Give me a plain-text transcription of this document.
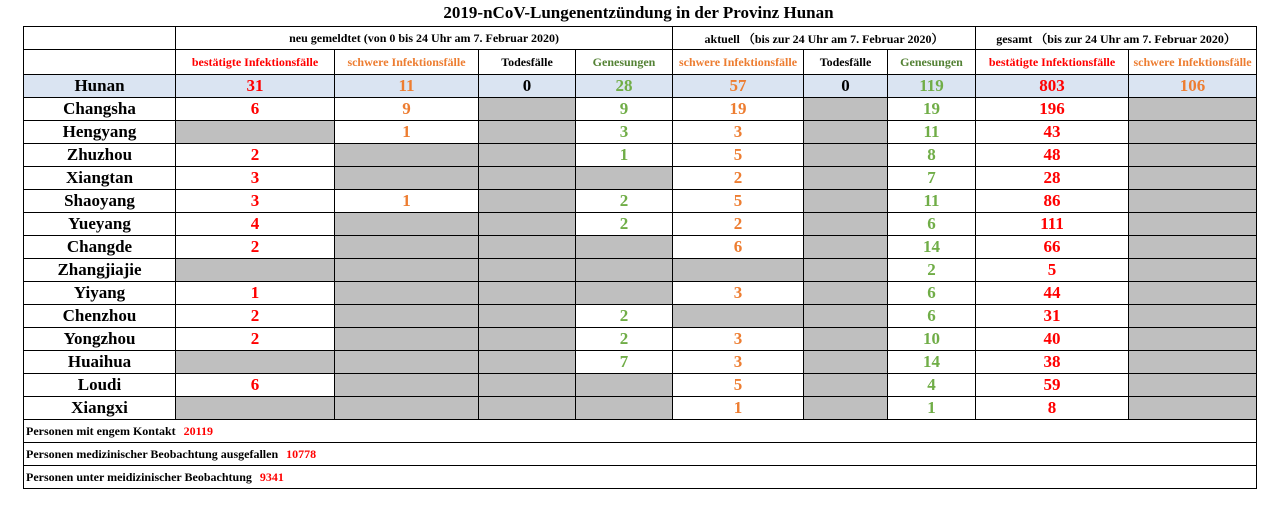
2019-nCoV-Lungenentzündung in der Provinz Hunan
	neu gemeldtet (von 0 bis 24 Uhr am 7. Februar 2020)				aktuell （bis zur 24 Uhr am 7. Februar 2020）			gesamt （bis zur 24 Uhr am 7. Februar 2020）	
	bestätigte Infektionsfälle	schwere Infektionsfälle	Todesfälle	Genesungen	schwere Infektionsfälle	Todesfälle	Genesungen	bestätigte Infektionsfälle	schwere Infektionsfälle
Hunan	31	11	0	28	57	0	119	803	106
Changsha	6	9		9	19		19	196	
Hengyang		1		3	3		11	43	
Zhuzhou	2			1	5		8	48	
Xiangtan	3				2		7	28	
Shaoyang	3	1		2	5		11	86	
Yueyang	4			2	2		6	111	
Changde	2				6		14	66	
Zhangjiajie							2	5	
Yiyang	1				3		6	44	
Chenzhou	2			2			6	31	
Yongzhou	2			2	3		10	40	
Huaihua				7	3		14	38	
Loudi	6				5		4	59	
Xiangxi					1		1	8	
Personen mit engem Kontakt 20119									
Personen medizinischer Beobachtung ausgefallen 10778									
Personen unter meidizinischer Beobachtung 9341									
